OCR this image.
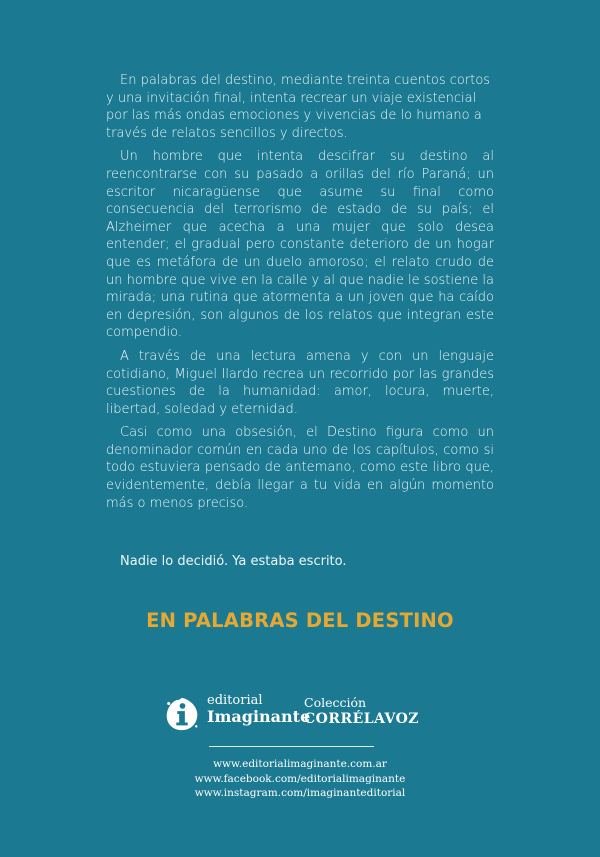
En palabras del destino, mediante treinta cuentos cortos y una invitación final, intenta recrear un viaje existencial por las más ondas emociones y vivencias de lo humano a través de relatos sencillos y directos.

Un hombre que intenta descifrar su destino al reencontrarse con su pasado a orillas del río Paraná; un escritor nicaragüense que asume su final como consecuencia del terrorismo de estado de su país; el Alzheimer que acecha a una mujer que solo desea entender; el gradual pero constante deterioro de un hogar que es metáfora de un duelo amoroso; el relato crudo de un hombre que vive en la calle y al que nadie le sostiene la mirada; una rutina que atormenta a un joven que ha caído en depresión, son algunos de los relatos que integran este compendio.

A través de una lectura amena y con un lenguaje cotidiano, Miguel Ilardo recrea un recorrido por las grandes cuestiones de la humanidad: amor, locura, muerte, libertad, soledad y eternidad.

Casi como una obsesión, el Destino figura como un denominador común en cada uno de los capítulos, como si todo estuviera pensado de antemano, como este libro que, evidentemente, debía llegar a tu vida en algún momento más o menos preciso.

Nadie lo decidió. Ya estaba escrito.
EN PALABRAS DEL DESTINO
editorial
Imaginante
Colección
CORRÉLAVOZ
www.editorialimaginante.com.ar
www.facebook.com/editorialimaginante
www.instagram.com/imaginanteditorial
